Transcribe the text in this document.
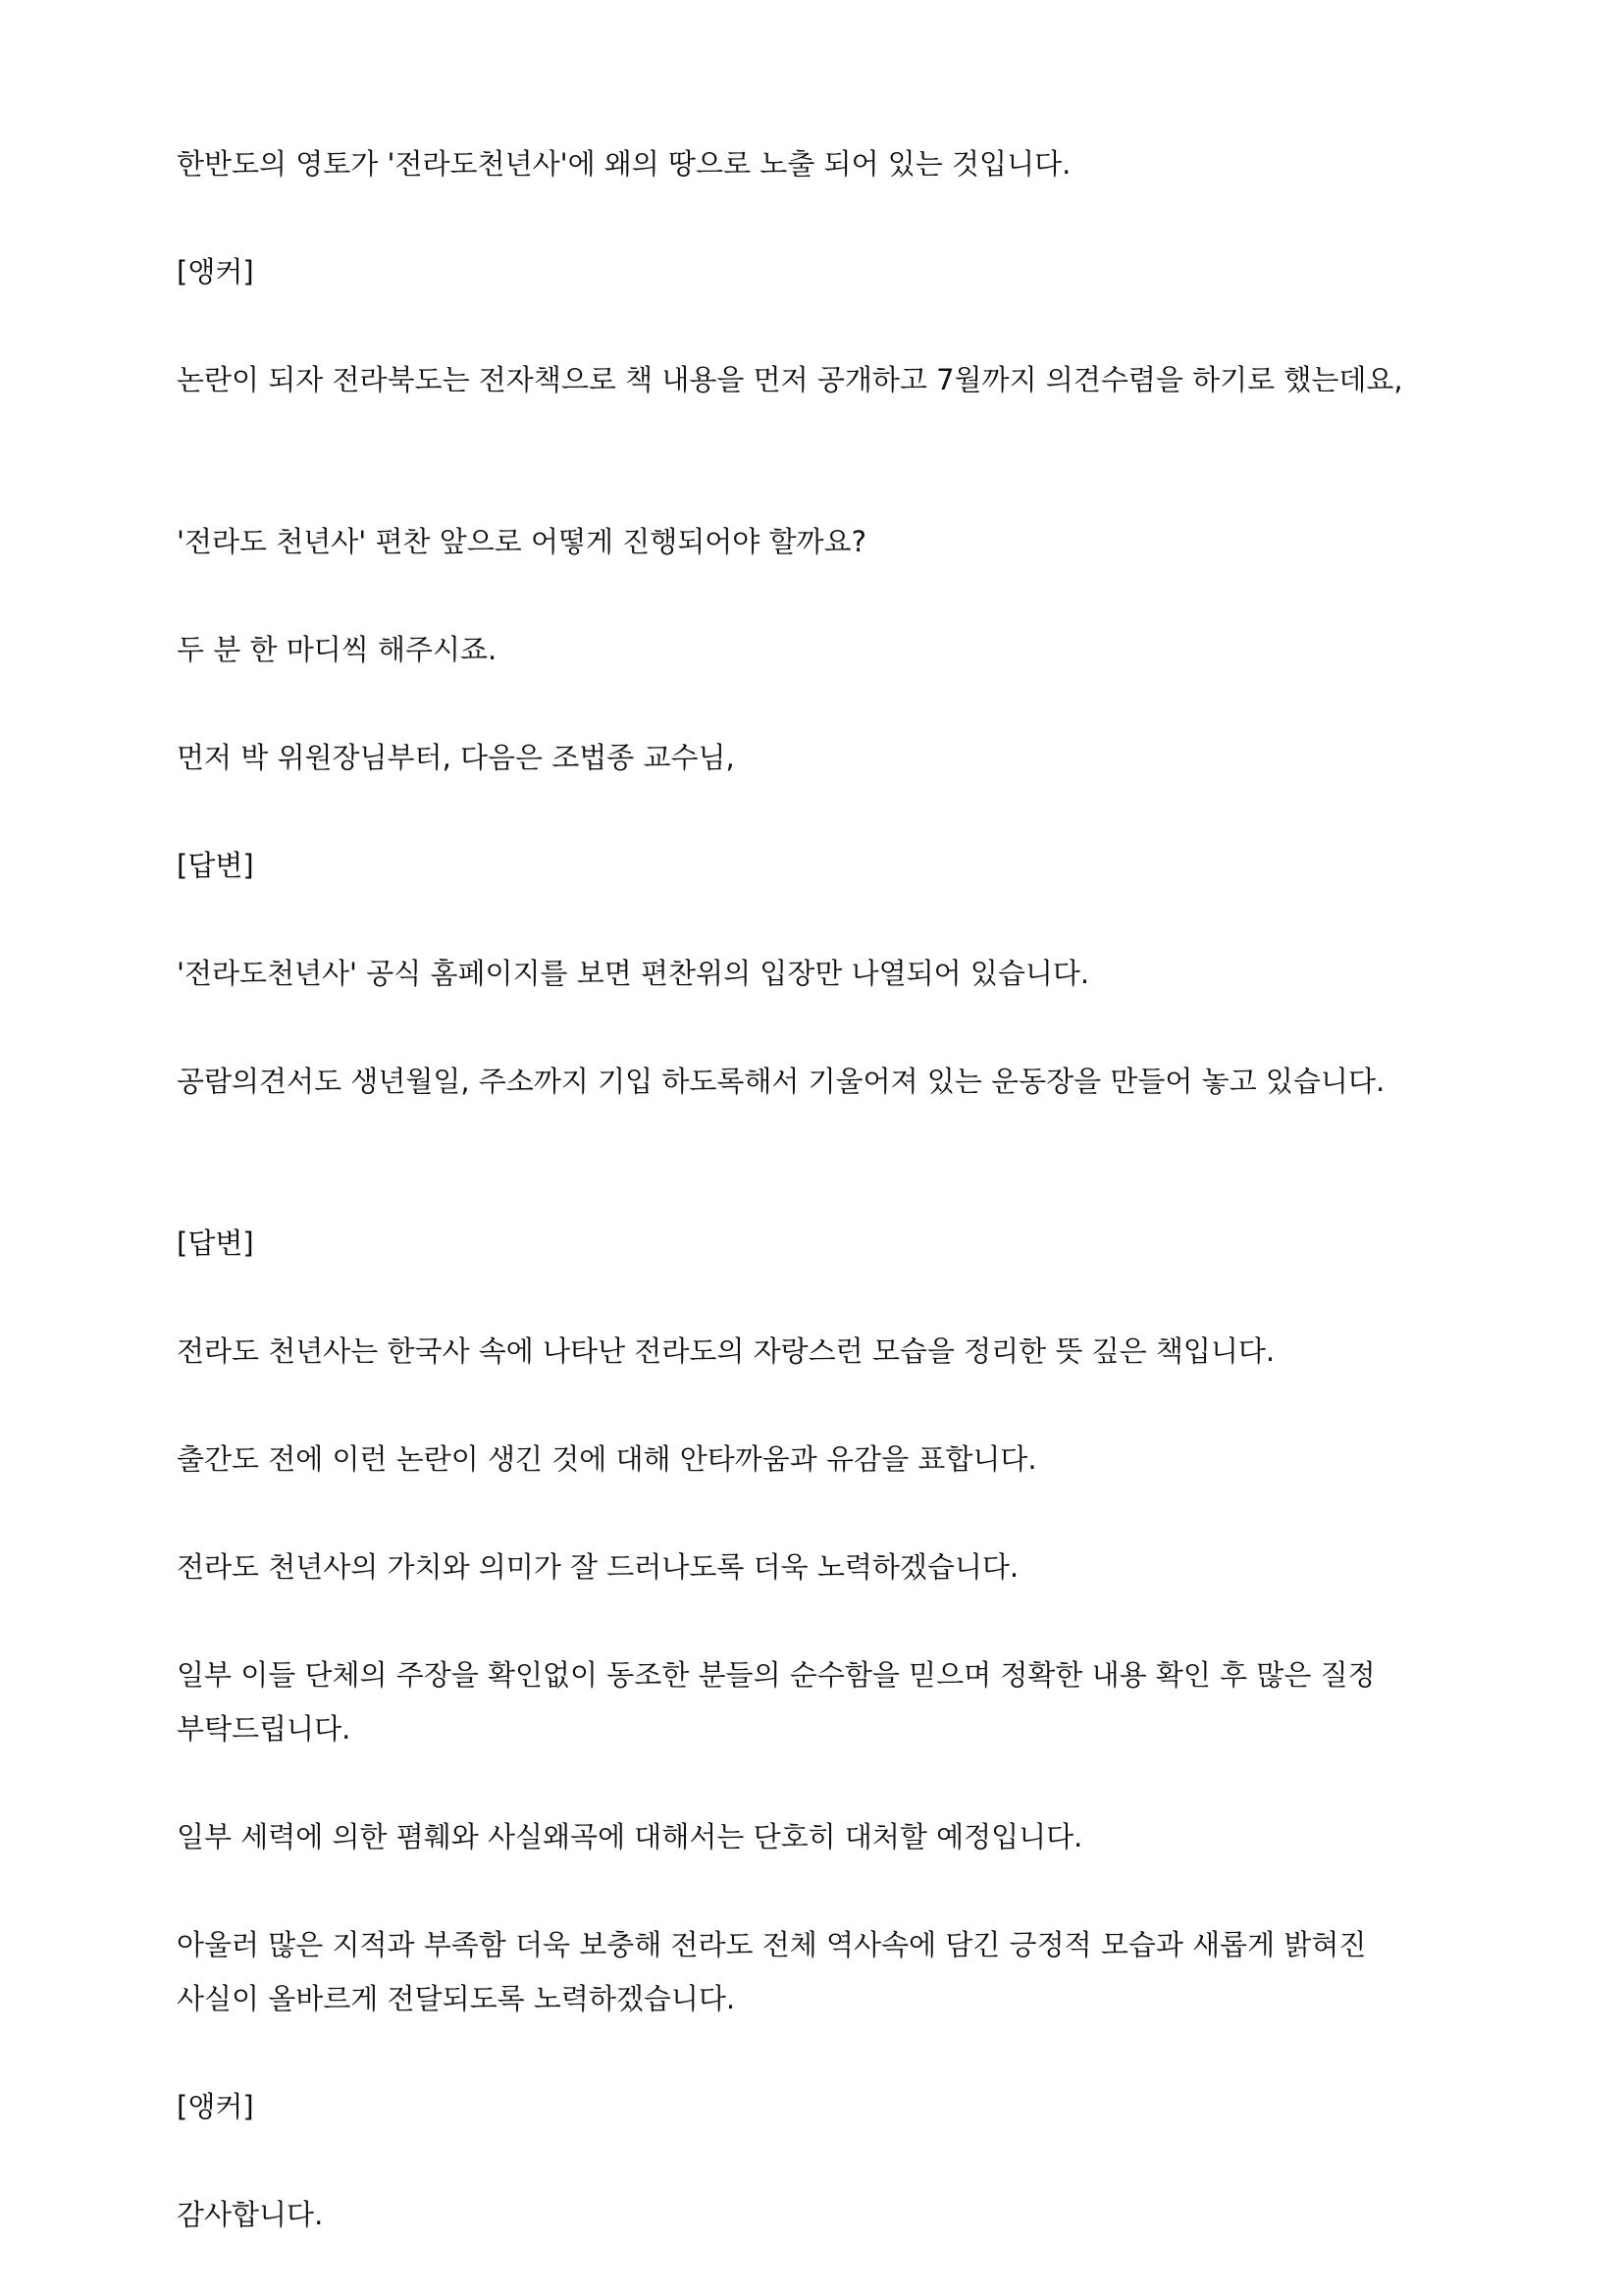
한반도의 영토가 '전라도천년사'에 왜의 땅으로 노출 되어 있는 것입니다.

[앵커]

논란이 되자 전라북도는 전자책으로 책 내용을 먼저 공개하고 7월까지 의견수렴을 하기로 했는데요,

'전라도 천년사' 편찬 앞으로 어떻게 진행되어야 할까요?

두 분 한 마디씩 해주시죠.

먼저 박 위원장님부터, 다음은 조법종 교수님,

[답변]

'전라도천년사' 공식 홈페이지를 보면 편찬위의 입장만 나열되어 있습니다.

공람의견서도 생년월일, 주소까지 기입 하도록해서 기울어져 있는 운동장을 만들어 놓고 있습니다.

[답변]

전라도 천년사는 한국사 속에 나타난 전라도의 자랑스런 모습을 정리한 뜻 깊은 책입니다.

출간도 전에 이런 논란이 생긴 것에 대해 안타까움과 유감을 표합니다.

전라도 천년사의 가치와 의미가 잘 드러나도록 더욱 노력하겠습니다.

일부 이들 단체의 주장을 확인없이 동조한 분들의 순수함을 믿으며 정확한 내용 확인 후 많은 질정 부탁드립니다.

일부 세력에 의한 폄훼와 사실왜곡에 대해서는 단호히 대처할 예정입니다.

아울러 많은 지적과 부족함 더욱 보충해 전라도 전체 역사속에 담긴 긍정적 모습과 새롭게 밝혀진 사실이 올바르게 전달되도록 노력하겠습니다.

[앵커]

감사합니다.
